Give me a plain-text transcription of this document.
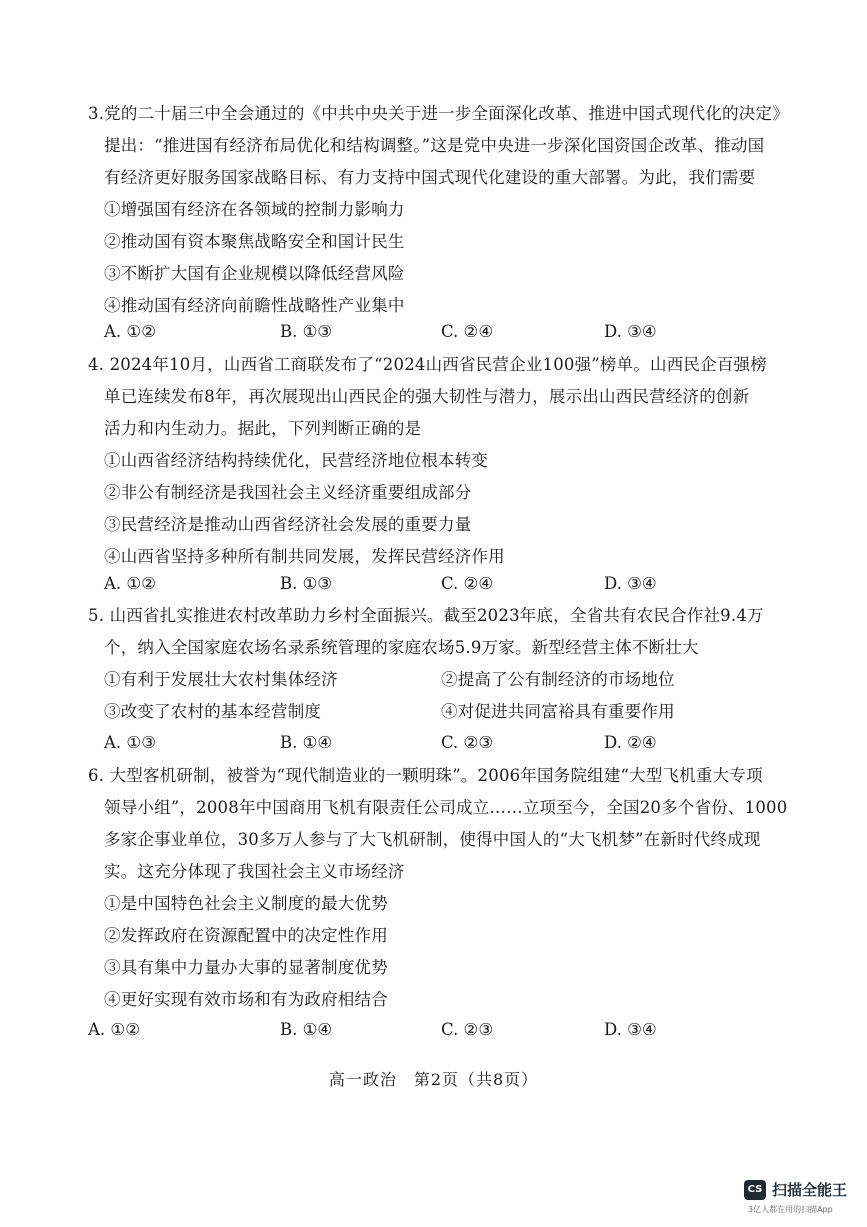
3.党的二十届三中全会通过的《中共中央关于进一步全面深化改革、推进中国式现代化的决定》
提出：“推进国有经济布局优化和结构调整。”这是党中央进一步深化国资国企改革、推动国
有经济更好服务国家战略目标、有力支持中国式现代化建设的重大部署。为此，我们需要
①增强国有经济在各领域的控制力影响力
②推动国有资本聚焦战略安全和国计民生
③不断扩大国有企业规模以降低经营风险
④推动国有经济向前瞻性战略性产业集中
A. ①②	B. ①③	C. ②④	D. ③④
4. 2024年10月，山西省工商联发布了“2024山西省民营企业100强”榜单。山西民企百强榜
单已连续发布8年，再次展现出山西民企的强大韧性与潜力，展示出山西民营经济的创新
活力和内生动力。据此，下列判断正确的是
①山西省经济结构持续优化，民营经济地位根本转变
②非公有制经济是我国社会主义经济重要组成部分
③民营经济是推动山西省经济社会发展的重要力量
④山西省坚持多种所有制共同发展，发挥民营经济作用
A. ①②	B. ①③	C. ②④	D. ③④
5. 山西省扎实推进农村改革助力乡村全面振兴。截至2023年底，全省共有农民合作社9.4万
个，纳入全国家庭农场名录系统管理的家庭农场5.9万家。新型经营主体不断壮大
①有利于发展壮大农村集体经济	②提高了公有制经济的市场地位
③改变了农村的基本经营制度	④对促进共同富裕具有重要作用
A. ①③	B. ①④	C. ②③	D. ②④
6. 大型客机研制，被誉为“现代制造业的一颗明珠”。2006年国务院组建“大型飞机重大专项
领导小组”，2008年中国商用飞机有限责任公司成立……立项至今，全国20多个省份、1000
多家企事业单位，30多万人参与了大飞机研制，使得中国人的“大飞机梦”在新时代终成现
实。这充分体现了我国社会主义市场经济
①是中国特色社会主义制度的最大优势
②发挥政府在资源配置中的决定性作用
③具有集中力量办大事的显著制度优势
④更好实现有效市场和有为政府相结合
A. ①②	B. ①④	C. ②③	D. ③④
高一政治　第2页（共8页）
CS 扫描全能王
3亿人都在用的扫描App
